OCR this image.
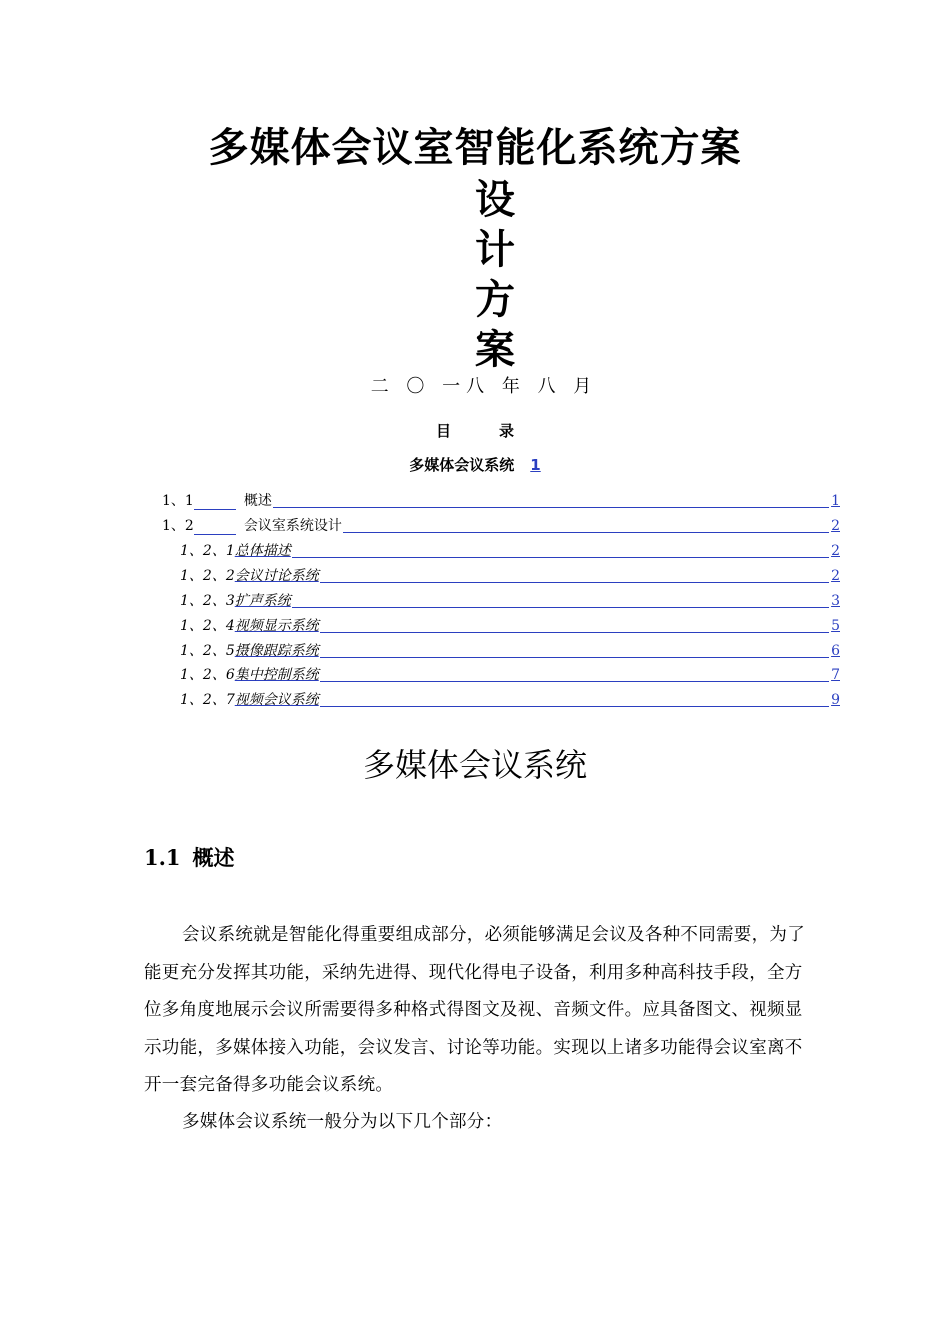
多媒体会议室智能化系统方案
设
计
方
案
二 〇 一八 年 八 月
目	录
多媒体会议系统 1
1、1	概述	1
1、2	会议室系统设计	2
1、2、1 总体描述	2
1、2、2 会议讨论系统	2
1、2、3 扩声系统	3
1、2、4 视频显示系统	5
1、2、5 摄像跟踪系统	6
1、2、6 集中控制系统	7
1、2、7 视频会议系统	9
多媒体会议系统
1.1 概述
会议系统就是智能化得重要组成部分，必须能够满足会议及各种不同需要，为了能更充分发挥其功能，采纳先进得、现代化得电子设备，利用多种高科技手段，全方位多角度地展示会议所需要得多种格式得图文及视、音频文件。应具备图文、视频显示功能，多媒体接入功能，会议发言、讨论等功能。实现以上诸多功能得会议室离不开一套完备得多功能会议系统。
多媒体会议系统一般分为以下几个部分：
